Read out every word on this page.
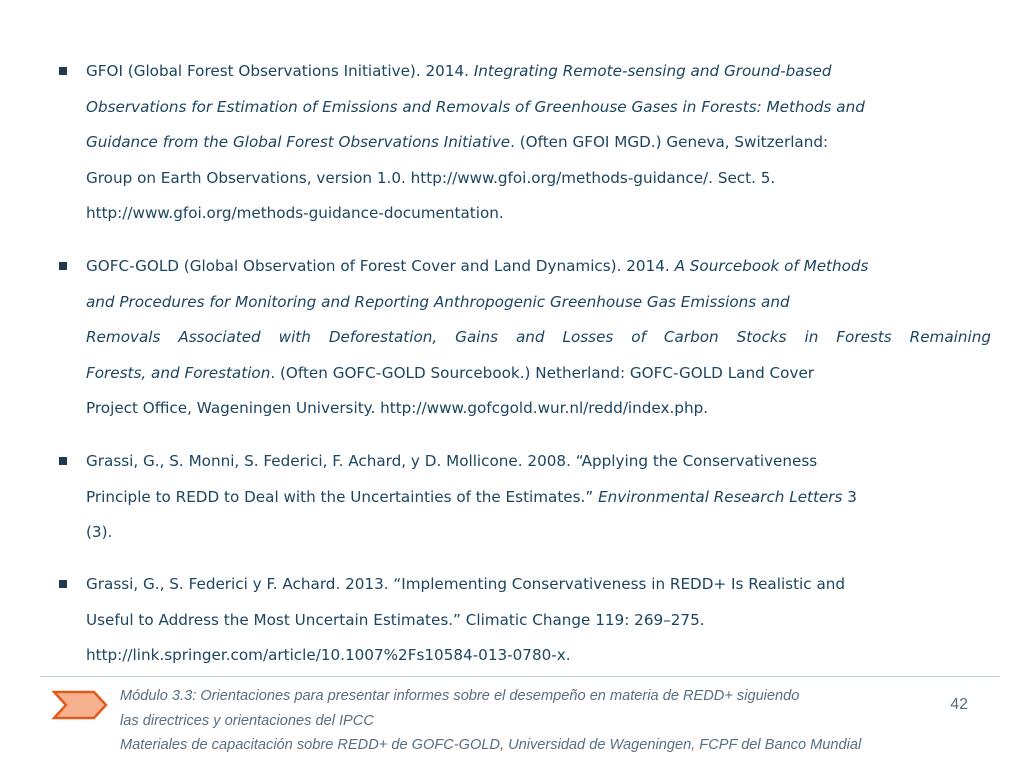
GFOI (Global Forest Observations Initiative). 2014. Integrating Remote-sensing and Ground-based
Observations for Estimation of Emissions and Removals of Greenhouse Gases in Forests: Methods and
Guidance from the Global Forest Observations Initiative. (Often GFOI MGD.) Geneva, Switzerland:
Group on Earth Observations, version 1.0. http://www.gfoi.org/methods-guidance/. Sect. 5.
http://www.gfoi.org/methods-guidance-documentation.
GOFC-GOLD (Global Observation of Forest Cover and Land Dynamics). 2014. A Sourcebook of Methods
and Procedures for Monitoring and Reporting Anthropogenic Greenhouse Gas Emissions and
Removals Associated with Deforestation, Gains and Losses of Carbon Stocks in Forests Remaining
Forests, and Forestation. (Often GOFC-GOLD Sourcebook.) Netherland: GOFC-GOLD Land Cover
Project Office, Wageningen University. http://www.gofcgold.wur.nl/redd/index.php.
Grassi, G., S. Monni, S. Federici, F. Achard, y D. Mollicone. 2008. “Applying the Conservativeness
Principle to REDD to Deal with the Uncertainties of the Estimates.” Environmental Research Letters 3
(3).
Grassi, G., S. Federici y F. Achard. 2013. “Implementing Conservativeness in REDD+ Is Realistic and
Useful to Address the Most Uncertain Estimates.” Climatic Change 119: 269–275.
http://link.springer.com/article/10.1007%2Fs10584-013-0780-x.
Módulo 3.3: Orientaciones para presentar informes sobre el desempeño en materia de REDD+ siguiendo
las directrices y orientaciones del IPCC
Materiales de capacitación sobre REDD+ de GOFC-GOLD, Universidad de Wageningen, FCPF del Banco Mundial
42
